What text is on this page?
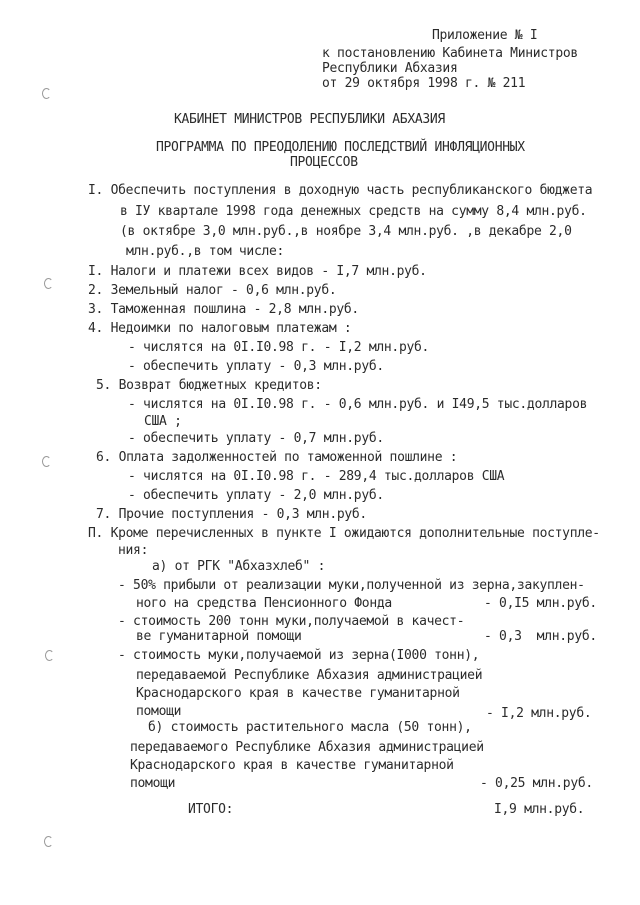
Приложение № I
к постановлению Кабинета Министров
Республики Абхазия
от 29 октября 1998 г. № 211
КАБИНЕТ МИНИСТРОВ РЕСПУБЛИКИ АБХАЗИЯ
ПРОГРАММА ПО ПРЕОДОЛЕНИЮ ПОСЛЕДСТВИЙ ИНФЛЯЦИОННЫХ
ПРОЦЕССОВ
I. Обеспечить поступления в доходную часть республиканского бюджета
в IУ квартале 1998 года денежных средств на сумму 8,4 млн.руб.
(в октябре 3,0 млн.руб.,в ноябре 3,4 млн.руб. ,в декабре 2,0
млн.руб.,в том числе:
I. Налоги и платежи всех видов - I,7 млн.руб.
2. Земельный налог - 0,6 млн.руб.
3. Таможенная пошлина - 2,8 млн.руб.
4. Недоимки по налоговым платежам :
- числятся на 0I.I0.98 г. - I,2 млн.руб.
- обеспечить уплату - 0,3 млн.руб.
5. Возврат бюджетных кредитов:
- числятся на 0I.I0.98 г. - 0,6 млн.руб. и I49,5 тыс.долларов
США ;
- обеспечить уплату - 0,7 млн.руб.
6. Оплата задолженностей по таможенной пошлине :
- числятся на 0I.I0.98 г. - 289,4 тыс.долларов США
- обеспечить уплату - 2,0 млн.руб.
7. Прочие поступления - 0,3 млн.руб.
П. Кроме перечисленных в пункте I ожидаются дополнительные поступле-
ния:
а) от РГК "Абхазхлеб" :
- 50% прибыли от реализации муки,полученной из зерна,закуплен-
ного на средства Пенсионного Фонда	- 0,I5 млн.руб.
- стоимость 200 тонн муки,получаемой в качест-
ве гуманитарной помощи	- 0,3  млн.руб.
- стоимость муки,получаемой из зерна(I000 тонн),
передаваемой Республике Абхазия администрацией
Краснодарского края в качестве гуманитарной
помощи	- I,2 млн.руб.
б) стоимость растительного масла (50 тонн),
передаваемого Республике Абхазия администрацией
Краснодарского края в качестве гуманитарной
помощи	- 0,25 млн.руб.
ИТОГО:	I,9 млн.руб.
